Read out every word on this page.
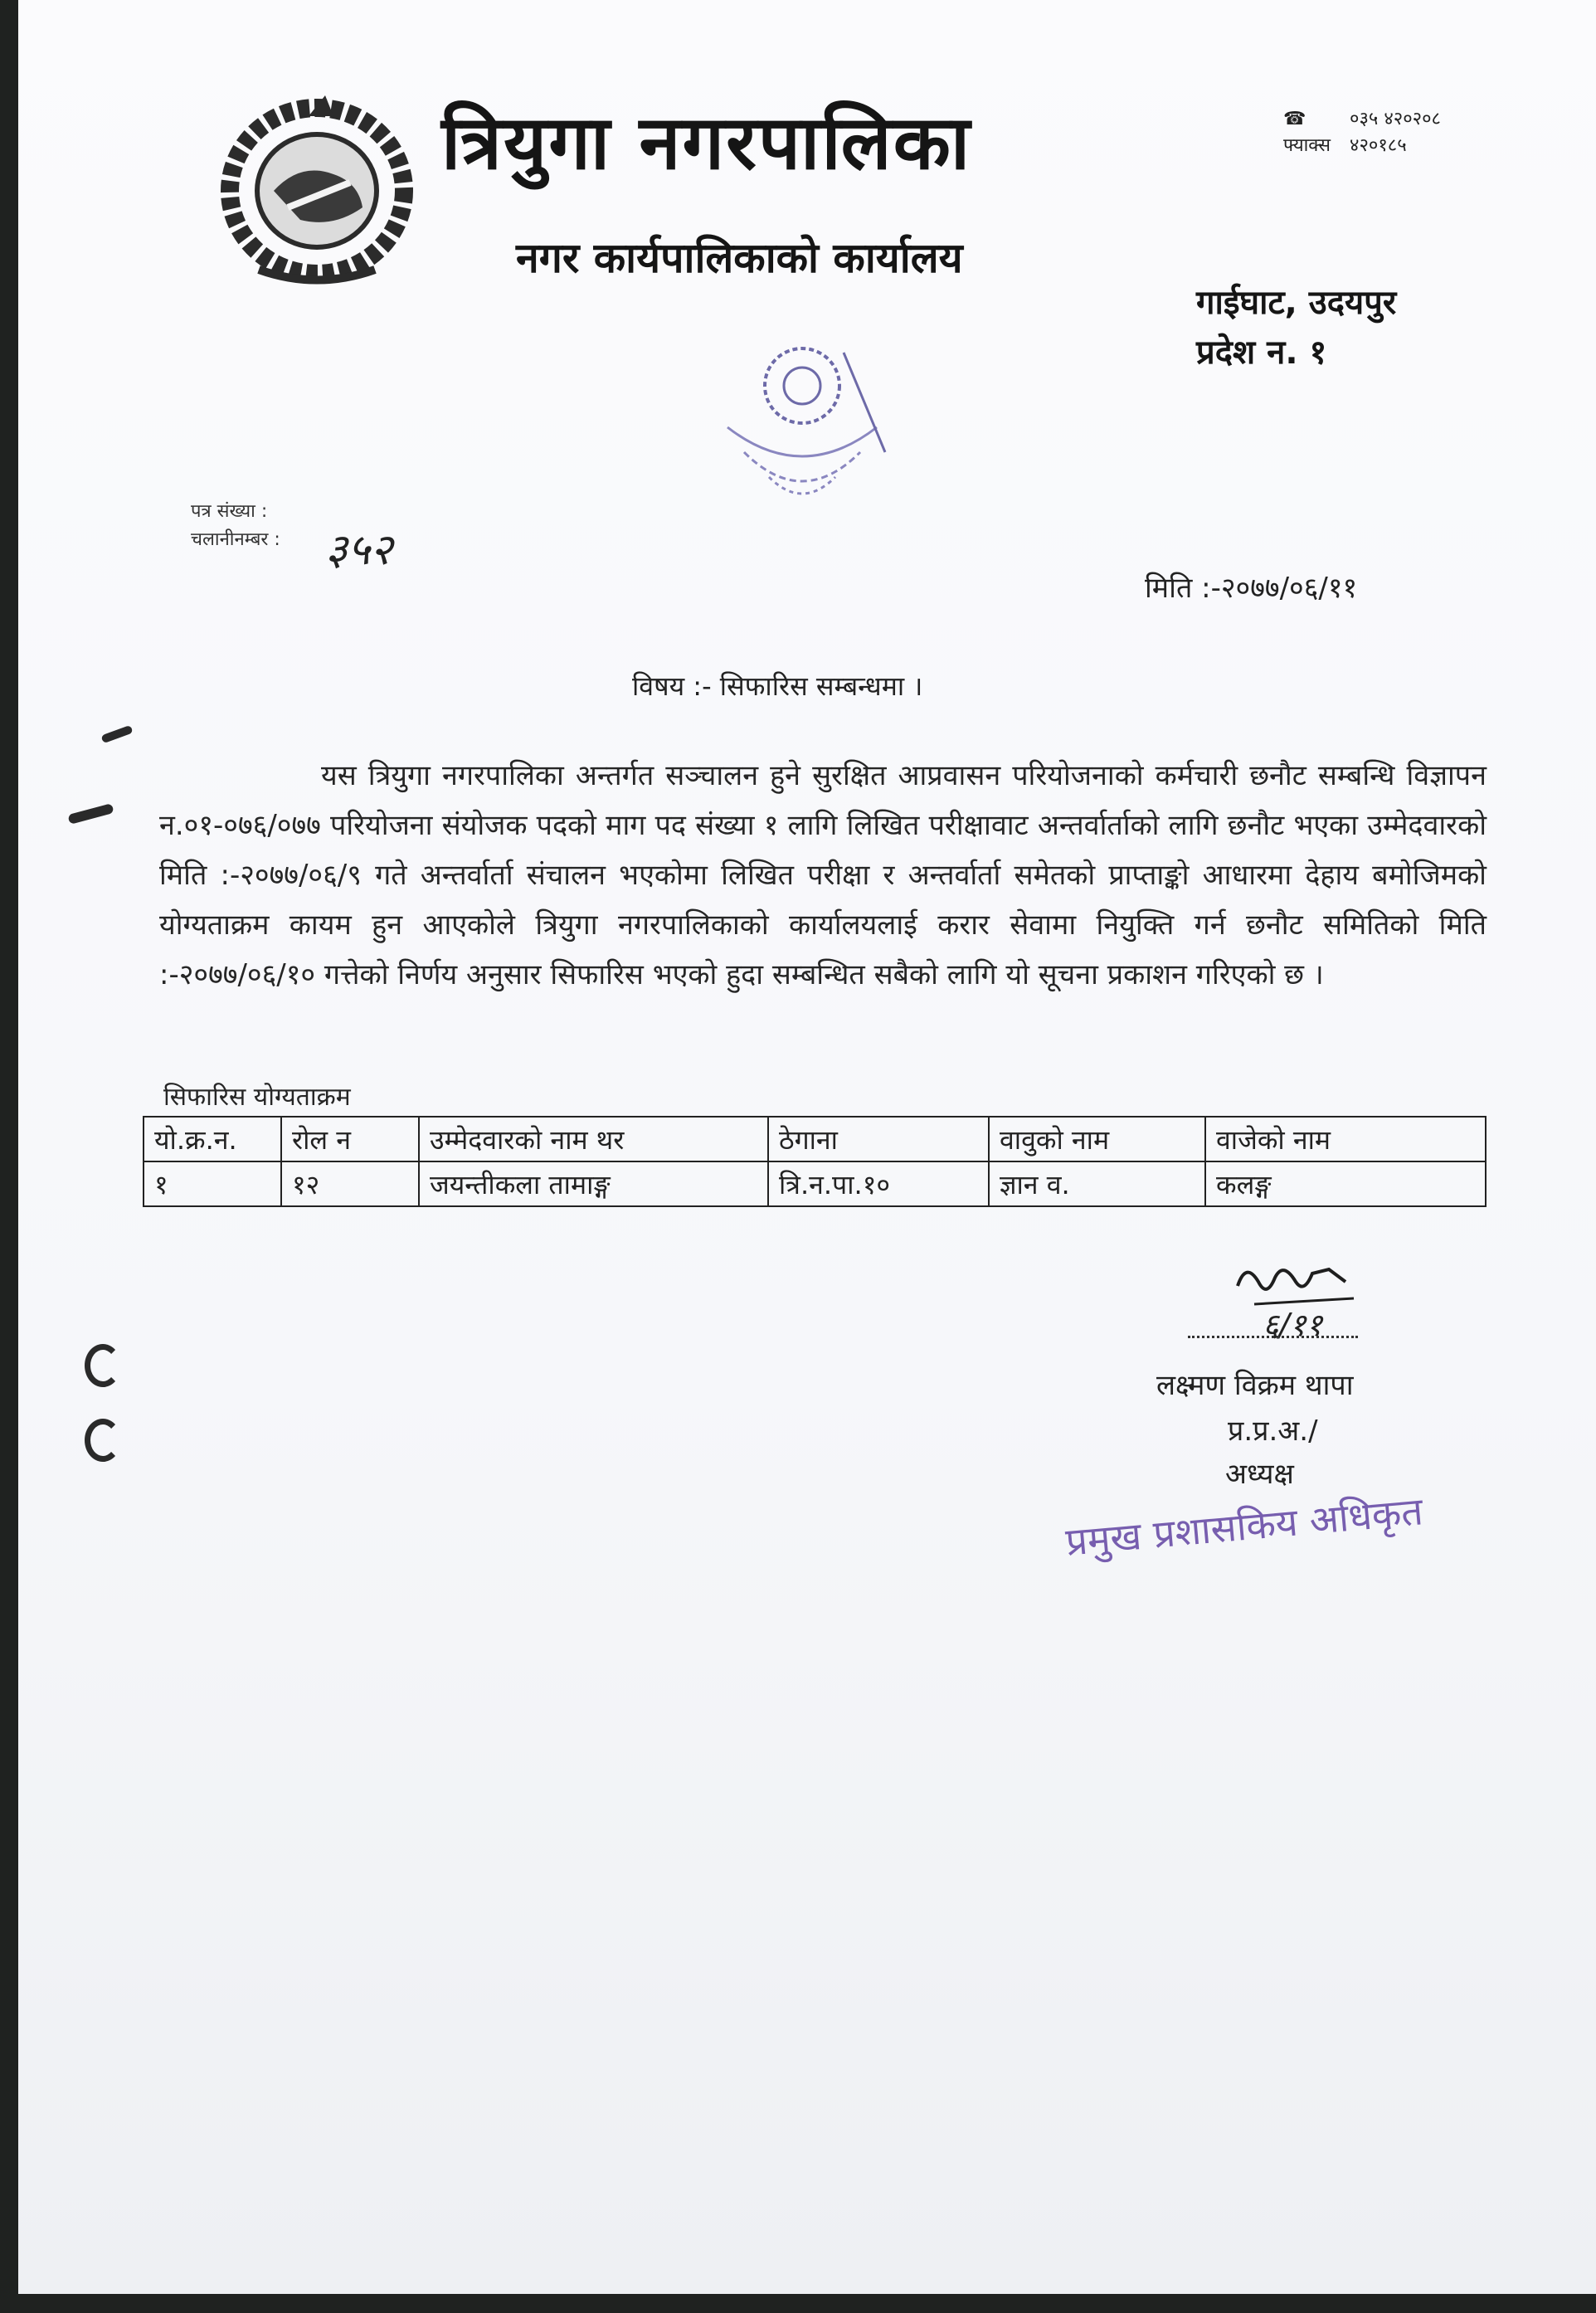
त्रियुगा नगरपालिका
नगर कार्यपालिकाको कार्यालय
☎ ०३५ ४२०२०८
फ्याक्स ४२०१८५
गाईघाट, उदयपुर
प्रदेश न. १
पत्र संख्या :
चलानीनम्बर : ३५२
मिति :-२०७७/०६/११
विषय :- सिफारिस सम्बन्धमा ।
यस त्रियुगा नगरपालिका अन्तर्गत सञ्चालन हुने सुरक्षित आप्रवासन परियोजनाको कर्मचारी छनौट सम्बन्धि विज्ञापन न.०१-०७६/०७७ परियोजना संयोजक पदको माग पद संख्या १ लागि लिखित परीक्षावाट अन्तर्वार्ताको लागि छनौट भएका उम्मेदवारको मिति :-२०७७/०६/९ गते अन्तर्वार्ता संचालन भएकोमा लिखित परीक्षा र अन्तर्वार्ता समेतको प्राप्ताङ्को आधारमा देहाय बमोजिमको योग्यताक्रम कायम हुन आएकोले त्रियुगा नगरपालिकाको कार्यालयलाई करार सेवामा नियुक्ति गर्न छनौट समितिको मिति :-२०७७/०६/१० गत्तेको निर्णय अनुसार सिफारिस भएको हुदा सम्बन्धित सबैको लागि यो सूचना प्रकाशन गरिएको छ ।
सिफारिस योग्यताक्रम
यो.क्र.न.	रोल न	उम्मेदवारको नाम थर	ठेगाना	वावुको नाम	वाजेको नाम
१	१२	जयन्तीकला तामाङ्ग	त्रि.न.पा.१०	ज्ञान व.	कलङ्ग
६/११
लक्ष्मण विक्रम थापा
प्र.प्र.अ./
अध्यक्ष
प्रमुख प्रशासकिय अधिकृत
